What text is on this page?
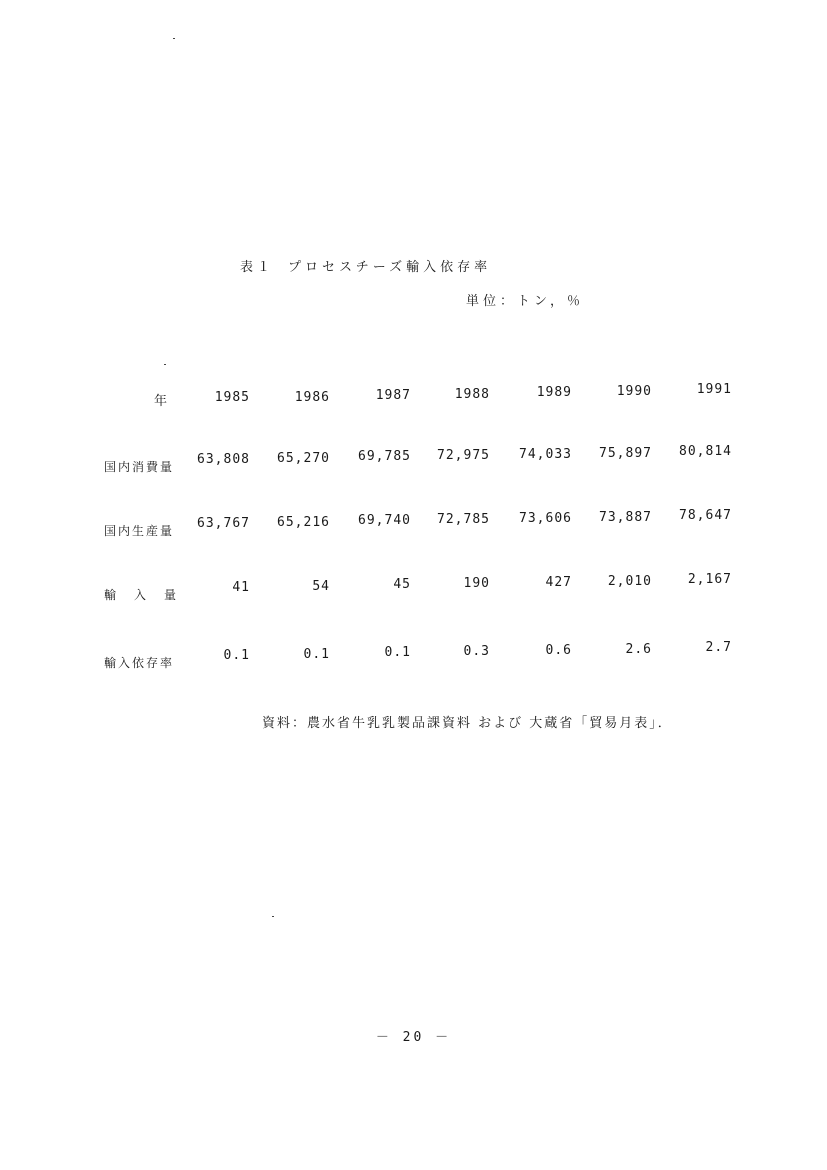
表１ プロセスチーズ輸入依存率
単位：トン，％
年	1985	1986	1987	1988	1989	1990	1991
国内消費量	63,808	65,270	69,785	72,975	74,033	75,897	80,814
国内生産量	63,767	65,216	69,740	72,785	73,606	73,887	78,647
輸入量	41	54	45	190	427	2,010	2,167
輸入依存率	0.1	0.1	0.1	0.3	0.6	2.6	2.7
資料：農水省牛乳乳製品課資料 および 大蔵省「貿易月表」．
－ 20 －
